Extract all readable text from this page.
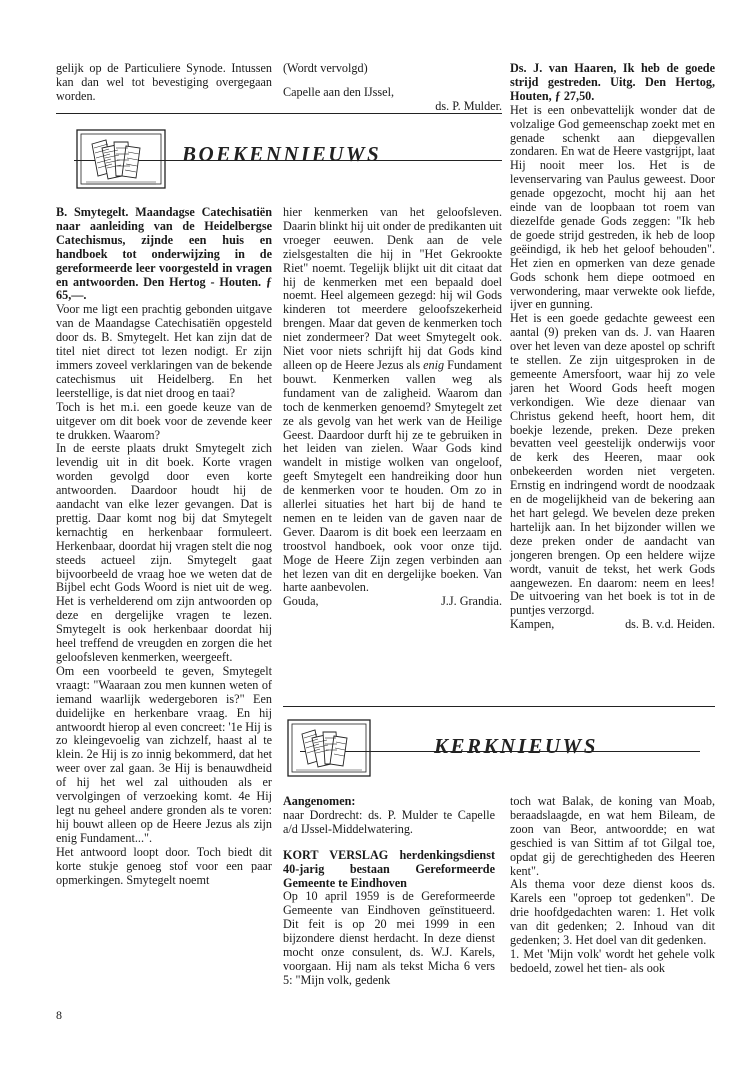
gelijk op de Particuliere Synode. Intussen kan dan wel tot bevestiging overgegaan worden.

(Wordt vervolgd)

Capelle aan den IJssel,

ds. P. Mulder.

Ds. J. van Haaren, Ik heb de goede strijd gestreden. Uitg. Den Hertog, Houten, ƒ 27,50.

Het is een onbevattelijk wonder dat de volzalige God gemeenschap zoekt met en genade schenkt aan diepgevallen zondaren. En wat de Heere vastgrijpt, laat Hij nooit meer los. Het is de levenservaring van Paulus geweest. Door genade opgezocht, mocht hij aan het einde van de loopbaan tot roem van diezelfde genade Gods zeggen: "Ik heb de goede strijd gestreden, ik heb de loop geëindigd, ik heb het geloof behouden". Het zien en opmerken van deze genade Gods schonk hem diepe ootmoed en verwondering, maar verwekte ook liefde, ijver en gunning.

Het is een goede gedachte geweest een aantal (9) preken van ds. J. van Haaren over het leven van deze apostel op schrift te stellen. Ze zijn uitgesproken in de gemeente Amersfoort, waar hij zo vele jaren het Woord Gods heeft mogen verkondigen. Wie deze dienaar van Christus gekend heeft, hoort hem, dit boekje lezende, preken. Deze preken bevatten veel geestelijk onderwijs voor de kerk des Heeren, maar ook onbekeerden worden niet vergeten. Ernstig en indringend wordt de noodzaak en de mogelijkheid van de bekering aan het hart gelegd. We bevelen deze preken hartelijk aan. In het bijzonder willen we deze preken onder de aandacht van jongeren brengen. Op een heldere wijze wordt, vanuit de tekst, het werk Gods aangewezen. En daarom: neem en lees! De uitvoering van het boek is tot in de puntjes verzorgd.

Kampen,	ds. B. v.d. Heiden.
BOEKENNIEUWS

B. Smytegelt. Maandagse Catechisatiën naar aanleiding van de Heidelbergse Catechismus, zijnde een huis en handboek tot onderwijzing in de gereformeerde leer voorgesteld in vragen en antwoorden. Den Hertog - Houten. ƒ 65,—.

Voor me ligt een prachtig gebonden uitgave van de Maandagse Catechisatiën opgesteld door ds. B. Smytegelt. Het kan zijn dat de titel niet direct tot lezen nodigt. Er zijn immers zoveel verklaringen van de bekende catechismus uit Heidelberg. En het leerstellige, is dat niet droog en taai?

Toch is het m.i. een goede keuze van de uitgever om dit boek voor de zevende keer te drukken. Waarom?

In de eerste plaats drukt Smytegelt zich levendig uit in dit boek. Korte vragen worden gevolgd door even korte antwoorden. Daardoor houdt hij de aandacht van elke lezer gevangen. Dat is prettig. Daar komt nog bij dat Smytegelt kernachtig en herkenbaar formuleert. Herkenbaar, doordat hij vragen stelt die nog steeds actueel zijn. Smytegelt gaat bijvoorbeeld de vraag hoe we weten dat de Bijbel echt Gods Woord is niet uit de weg. Het is verhelderend om zijn antwoorden op deze en dergelijke vragen te lezen. Smytegelt is ook herkenbaar doordat hij heel treffend de vreugden en zorgen die het geloofsleven kenmerken, weergeeft.

Om een voorbeeld te geven, Smytegelt vraagt: "Waaraan zou men kunnen weten of iemand waarlijk wedergeboren is?" Een duidelijke en herkenbare vraag. En hij antwoordt hierop al even concreet: '1e Hij is zo kleingevoelig van zichzelf, haast al te klein. 2e Hij is zo innig bekommerd, dat het weer over zal gaan. 3e Hij is benauwdheid of hij het wel zal uithouden als er vervolgingen of verzoeking komt. 4e Hij legt nu geheel andere gronden als te voren: hij bouwt alleen op de Heere Jezus als zijn enig Fundament...".

Het antwoord loopt door. Toch biedt dit korte stukje genoeg stof voor een paar opmerkingen. Smytegelt noemt

hier kenmerken van het geloofsleven. Daarin blinkt hij uit onder de predikanten uit vroeger eeuwen. Denk aan de vele zielsgestalten die hij in "Het Gekrookte Riet" noemt. Tegelijk blijkt uit dit citaat dat hij de kenmerken met een bepaald doel noemt. Heel algemeen gezegd: hij wil Gods kinderen tot meerdere geloofszekerheid brengen. Maar dat geven de kenmerken toch niet zondermeer? Dat weet Smytegelt ook. Niet voor niets schrijft hij dat Gods kind alleen op de Heere Jezus als enig Fundament bouwt. Kenmerken vallen weg als fundament van de zaligheid. Waarom dan toch de kenmerken genoemd? Smytegelt zet ze als gevolg van het werk van de Heilige Geest. Daardoor durft hij ze te gebruiken in het leiden van zielen. Waar Gods kind wandelt in mistige wolken van ongeloof, geeft Smytegelt een handreiking door hun de kenmerken voor te houden. Om zo in allerlei situaties het hart bij de hand te nemen en te leiden van de gaven naar de Gever. Daarom is dit boek een leerzaam en troostvol handboek, ook voor onze tijd. Moge de Heere Zijn zegen verbinden aan het lezen van dit en dergelijke boeken. Van harte aanbevolen.

Gouda,	J.J. Grandia.
KERKNIEUWS

Aangenomen:

naar Dordrecht: ds. P. Mulder te Capelle a/d IJssel-Middelwatering.

KORT VERSLAG herdenkingsdienst 40-jarig bestaan Gereformeerde Gemeente te Eindhoven

Op 10 april 1959 is de Gereformeerde Gemeente van Eindhoven geïnstitueerd. Dit feit is op 20 mei 1999 in een bijzondere dienst herdacht. In deze dienst mocht onze consulent, ds. W.J. Karels, voorgaan. Hij nam als tekst Micha 6 vers 5: "Mijn volk, gedenk

toch wat Balak, de koning van Moab, beraadslaagde, en wat hem Bileam, de zoon van Beor, antwoordde; en wat geschied is van Sittim af tot Gilgal toe, opdat gij de gerechtigheden des Heeren kent".

Als thema voor deze dienst koos ds. Karels een "oproep tot gedenken". De drie hoofdgedachten waren: 1. Het volk van dit gedenken; 2. Inhoud van dit gedenken; 3. Het doel van dit gedenken.

1. Met 'Mijn volk' wordt het gehele volk bedoeld, zowel het tien- als ook

8
